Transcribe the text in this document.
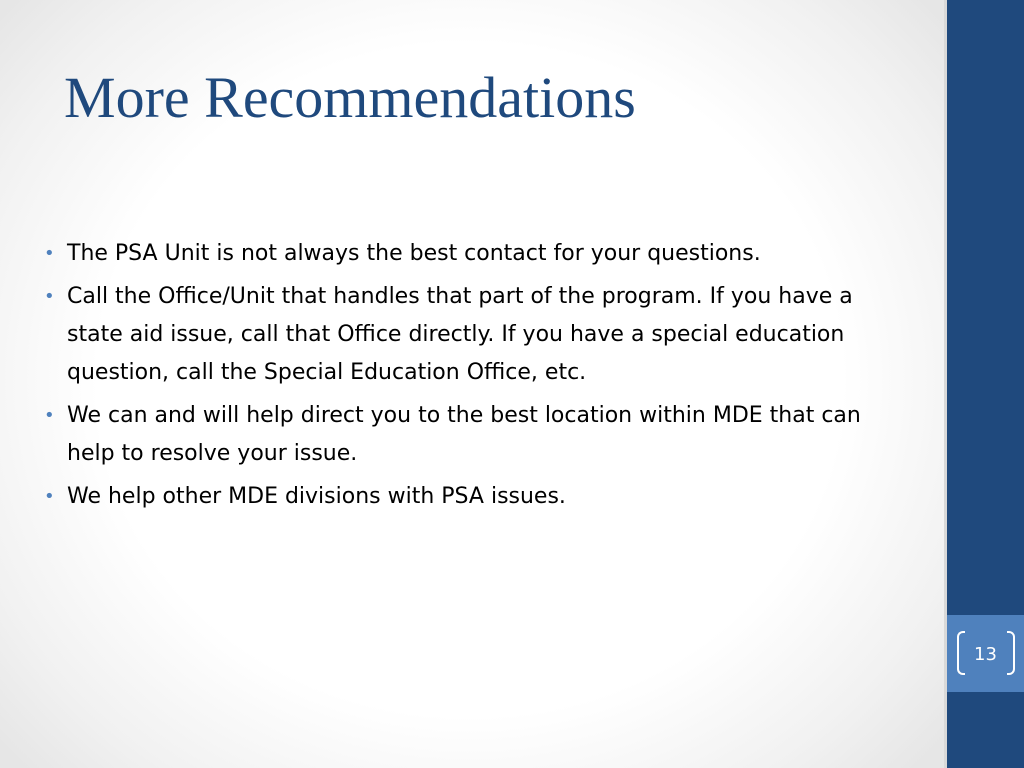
More Recommendations
• The PSA Unit is not always the best contact for your questions.
• Call the Office/Unit that handles that part of the program. If you have a state aid issue, call that Office directly. If you have a special education question, call the Special Education Office, etc.
• We can and will help direct you to the best location within MDE that can help to resolve your issue.
• We help other MDE divisions with PSA issues.
13
